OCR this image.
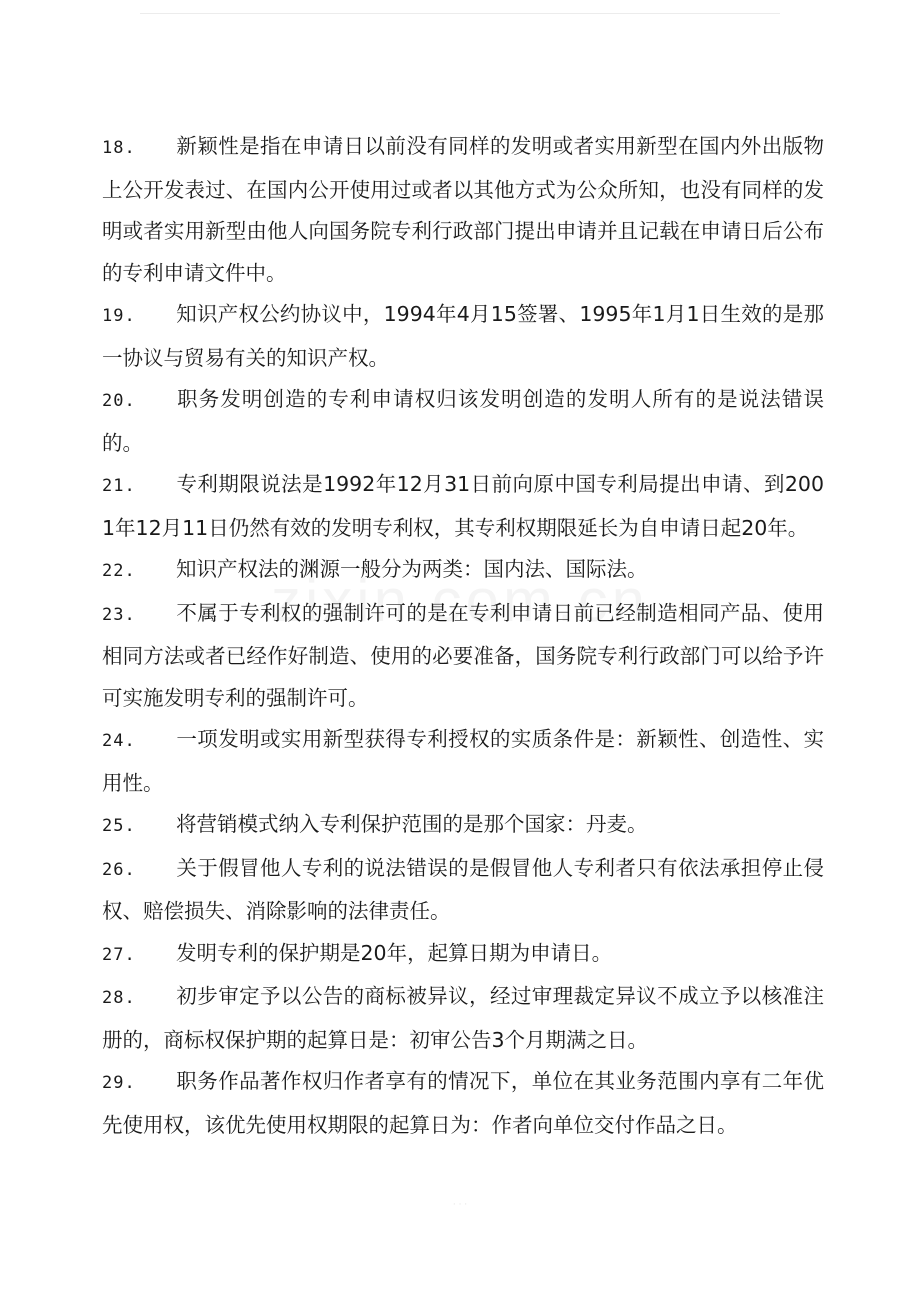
18. 新颖性是指在申请日以前没有同样的发明或者实用新型在国内外出版物上公开发表过、在国内公开使用过或者以其他方式为公众所知，也没有同样的发明或者实用新型由他人向国务院专利行政部门提出申请并且记载在申请日后公布的专利申请文件中。

19. 知识产权公约协议中，1994年4月15签署、1995年1月1日生效的是那一协议与贸易有关的知识产权。

20. 职务发明创造的专利申请权归该发明创造的发明人所有的是说法错误的。

21. 专利期限说法是1992年12月31日前向原中国专利局提出申请、到2001年12月11日仍然有效的发明专利权，其专利权期限延长为自申请日起20年。

22. 知识产权法的渊源一般分为两类：国内法、国际法。

23. 不属于专利权的强制许可的是在专利申请日前已经制造相同产品、使用相同方法或者已经作好制造、使用的必要准备，国务院专利行政部门可以给予许可实施发明专利的强制许可。

24. 一项发明或实用新型获得专利授权的实质条件是：新颖性、创造性、实用性。

25. 将营销模式纳入专利保护范围的是那个国家：丹麦。

26. 关于假冒他人专利的说法错误的是假冒他人专利者只有依法承担停止侵权、赔偿损失、消除影响的法律责任。

27. 发明专利的保护期是20年，起算日期为申请日。

28. 初步审定予以公告的商标被异议，经过审理裁定异议不成立予以核准注册的，商标权保护期的起算日是：初审公告3个月期满之日。

29. 职务作品著作权归作者享有的情况下，单位在其业务范围内享有二年优先使用权，该优先使用权期限的起算日为：作者向单位交付作品之日。

· · ·
